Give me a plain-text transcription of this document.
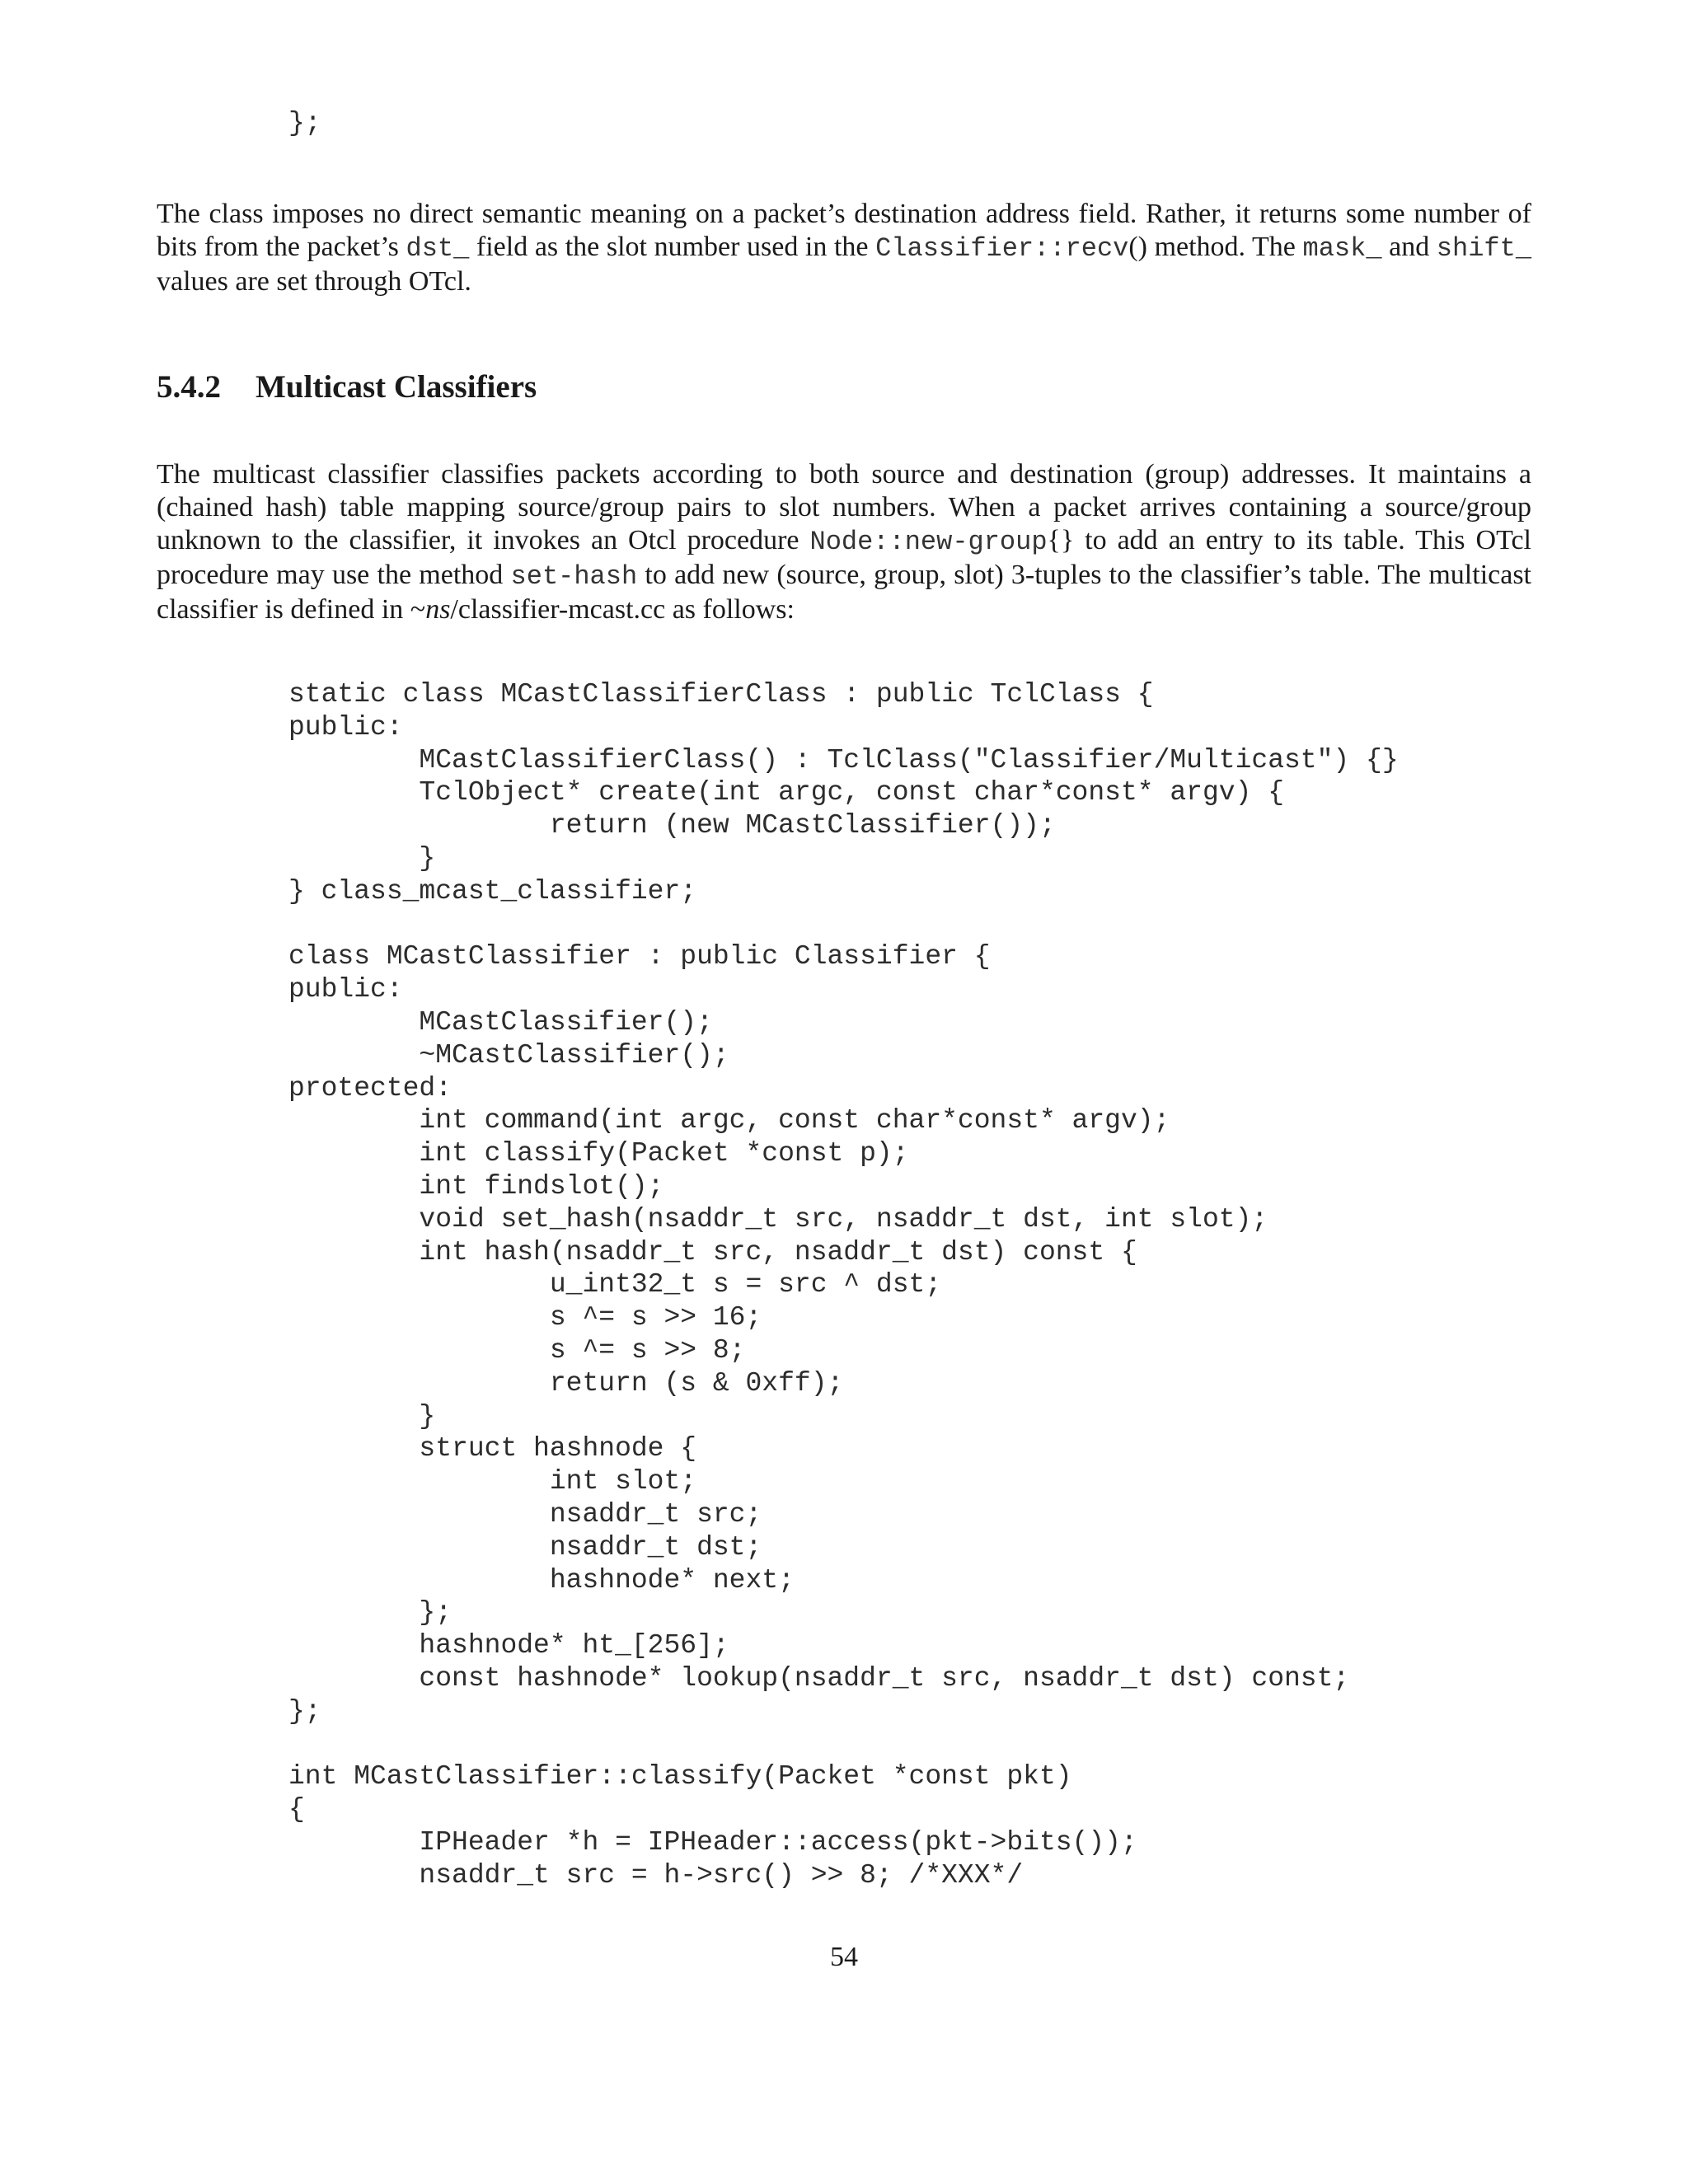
};

The class imposes no direct semantic meaning on a packet’s destination address field. Rather, it returns some number of bits from the packet’s dst_ field as the slot number used in the Classifier::recv() method. The mask_ and shift_ values are set through OTcl.

5.4.2 Multicast Classifiers

The multicast classifier classifies packets according to both source and destination (group) addresses. It maintains a (chained hash) table mapping source/group pairs to slot numbers. When a packet arrives containing a source/group unknown to the classifier, it invokes an Otcl procedure Node::new-group{} to add an entry to its table. This OTcl procedure may use the method set-hash to add new (source, group, slot) 3-tuples to the classifier’s table. The multicast classifier is defined in ~ns/classifier-mcast.cc as follows:

static class MCastClassifierClass : public TclClass {
public:
MCastClassifierClass() : TclClass("Classifier/Multicast") {}
TclObject* create(int argc, const char*const* argv) {
return (new MCastClassifier());
}
} class_mcast_classifier;

class MCastClassifier : public Classifier {
public:
MCastClassifier();
~MCastClassifier();
protected:
int command(int argc, const char*const* argv);
int classify(Packet *const p);
int findslot();
void set_hash(nsaddr_t src, nsaddr_t dst, int slot);
int hash(nsaddr_t src, nsaddr_t dst) const {
u_int32_t s = src ^ dst;
s ^= s >> 16;
s ^= s >> 8;
return (s & 0xff);
}
struct hashnode {
int slot;
nsaddr_t src;
nsaddr_t dst;
hashnode* next;
};
hashnode* ht_[256];
const hashnode* lookup(nsaddr_t src, nsaddr_t dst) const;
};

int MCastClassifier::classify(Packet *const pkt)
{
IPHeader *h = IPHeader::access(pkt->bits());
nsaddr_t src = h->src() >> 8; /*XXX*/
54
